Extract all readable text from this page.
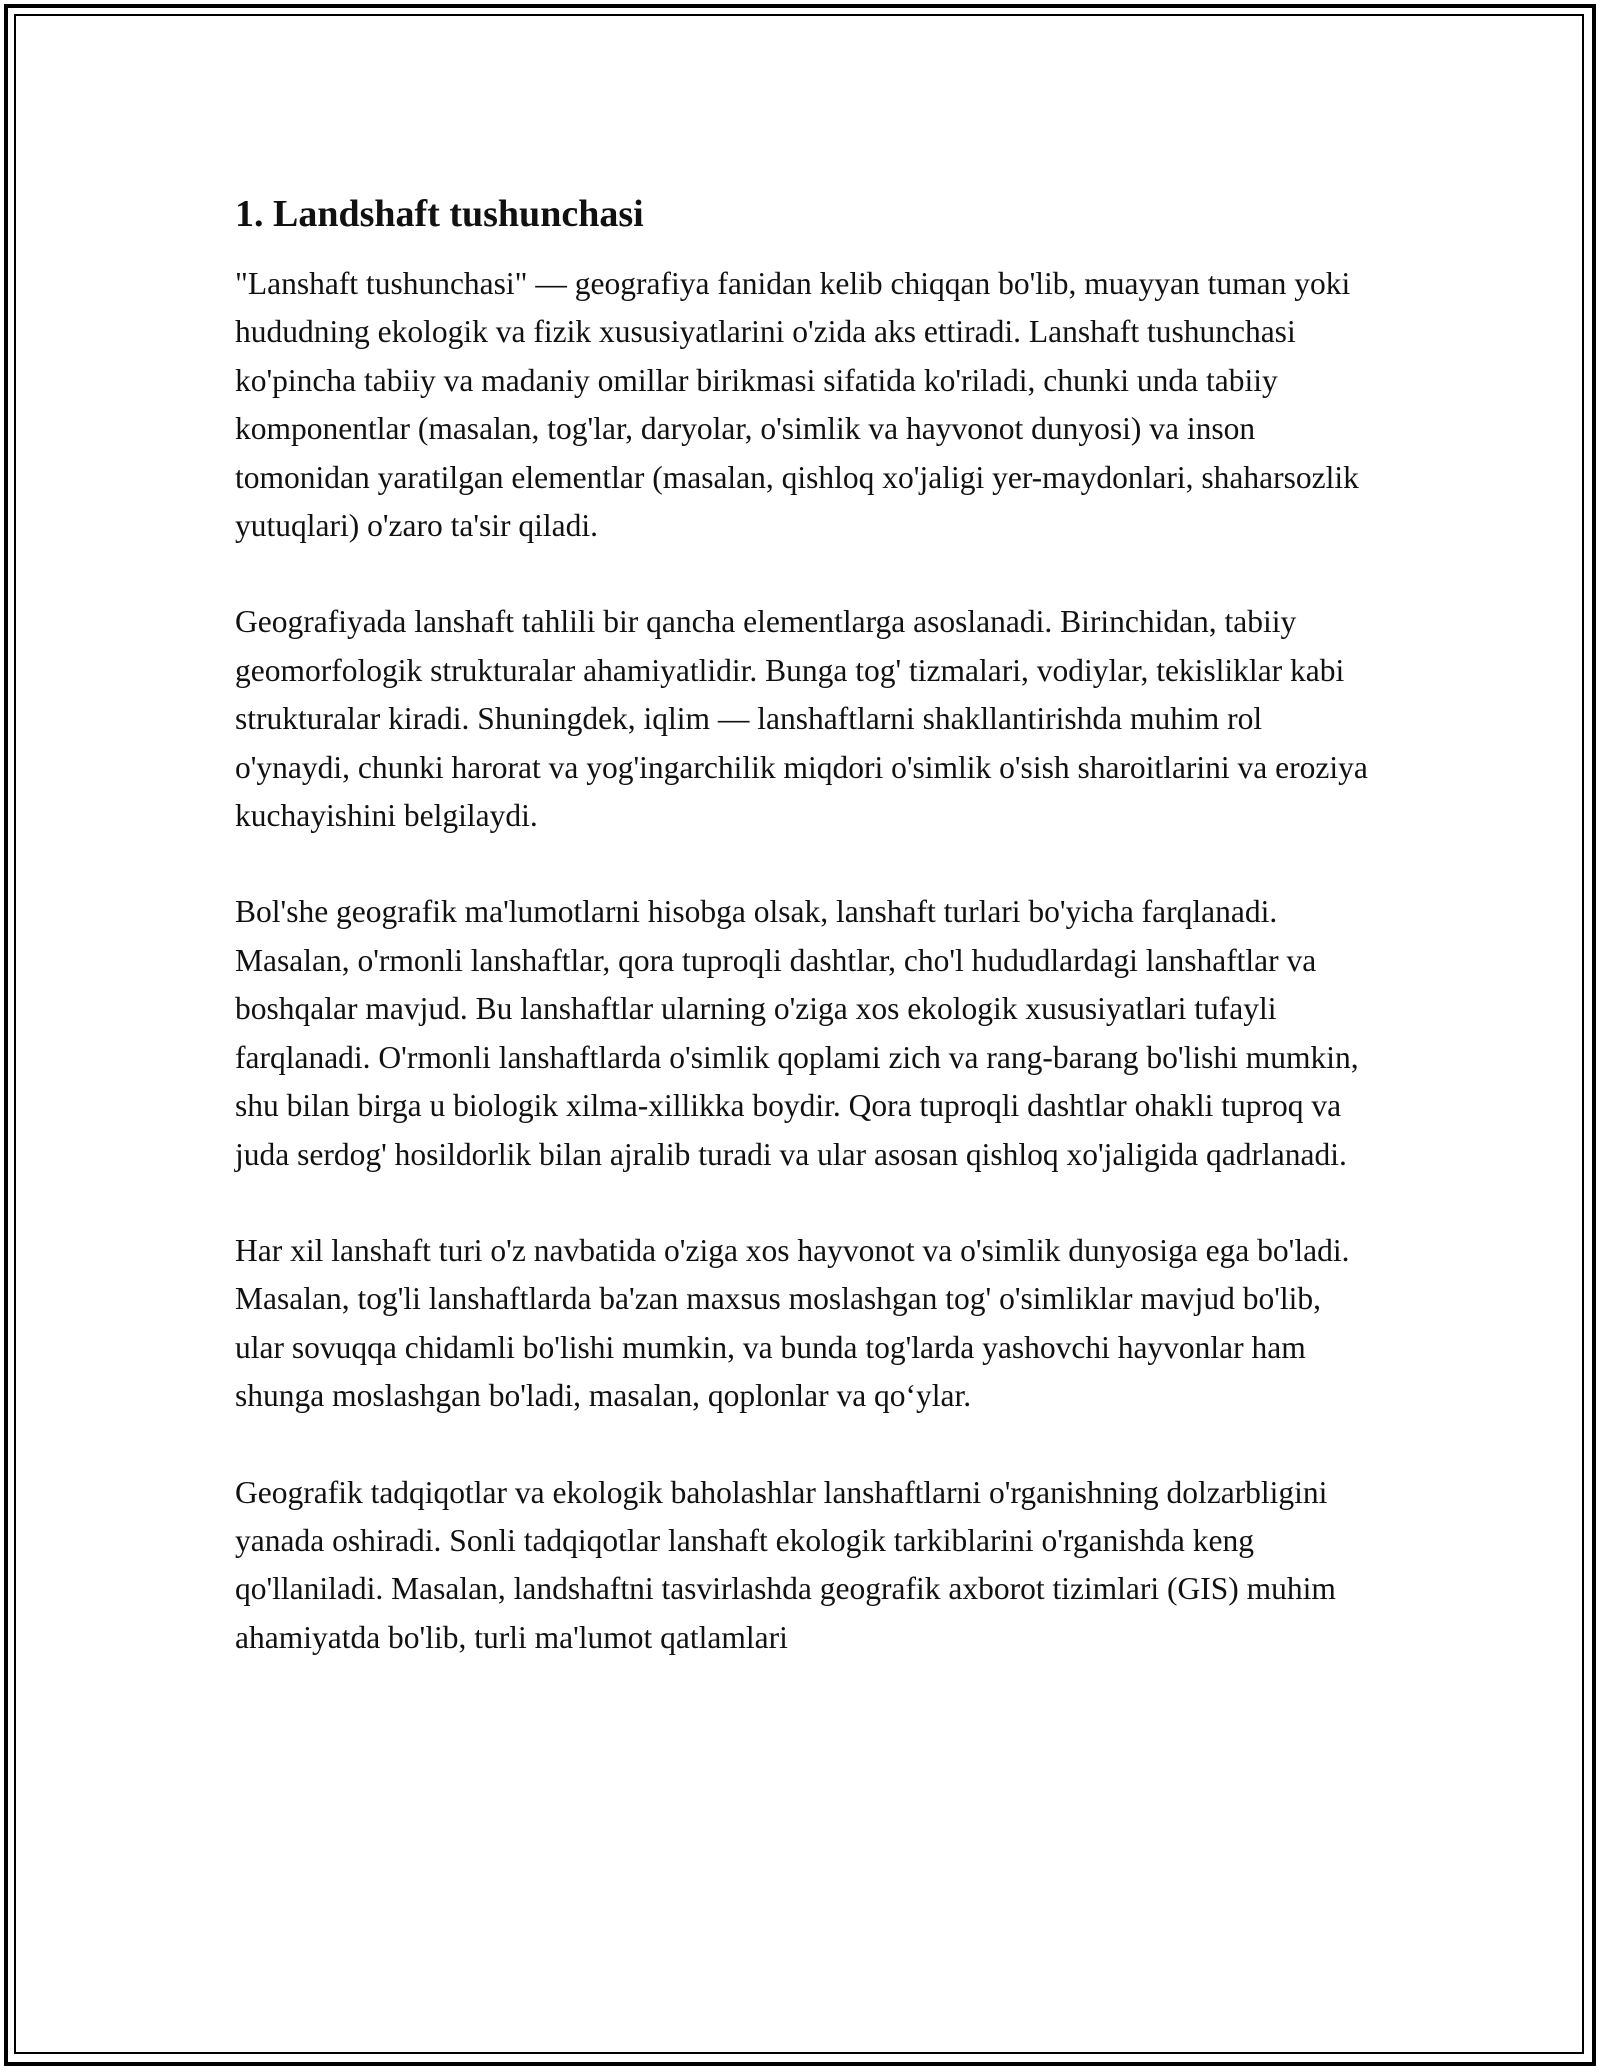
1. Landshaft tushunchasi

"Lanshaft tushunchasi" — geografiya fanidan kelib chiqqan bo'lib, muayyan tuman yoki hududning ekologik va fizik xususiyatlarini o'zida aks ettiradi. Lanshaft tushunchasi ko'pincha tabiiy va madaniy omillar birikmasi sifatida ko'riladi, chunki unda tabiiy komponentlar (masalan, tog'lar, daryolar, o'simlik va hayvonot dunyosi) va inson tomonidan yaratilgan elementlar (masalan, qishloq xo'jaligi yer-maydonlari, shaharsozlik yutuqlari) o'zaro ta'sir qiladi.

Geografiyada lanshaft tahlili bir qancha elementlarga asoslanadi. Birinchidan, tabiiy geomorfologik strukturalar ahamiyatlidir. Bunga tog' tizmalari, vodiylar, tekisliklar kabi strukturalar kiradi. Shuningdek, iqlim — lanshaftlarni shakllantirishda muhim rol o'ynaydi, chunki harorat va yog'ingarchilik miqdori o'simlik o'sish sharoitlarini va eroziya kuchayishini belgilaydi.

Bol'she geografik ma'lumotlarni hisobga olsak, lanshaft turlari bo'yicha farqlanadi. Masalan, o'rmonli lanshaftlar, qora tuproqli dashtlar, cho'l hududlardagi lanshaftlar va boshqalar mavjud. Bu lanshaftlar ularning o'ziga xos ekologik xususiyatlari tufayli farqlanadi. O'rmonli lanshaftlarda o'simlik qoplami zich va rang-barang bo'lishi mumkin, shu bilan birga u biologik xilma-xillikka boydir. Qora tuproqli dashtlar ohakli tuproq va juda serdog' hosildorlik bilan ajralib turadi va ular asosan qishloq xo'jaligida qadrlanadi.

Har xil lanshaft turi o'z navbatida o'ziga xos hayvonot va o'simlik dunyosiga ega bo'ladi. Masalan, tog'li lanshaftlarda ba'zan maxsus moslashgan tog' o'simliklar mavjud bo'lib, ular sovuqqa chidamli bo'lishi mumkin, va bunda tog'larda yashovchi hayvonlar ham shunga moslashgan bo'ladi, masalan, qoplonlar va qo‘ylar.

Geografik tadqiqotlar va ekologik baholashlar lanshaftlarni o'rganishning dolzarbligini yanada oshiradi. Sonli tadqiqotlar lanshaft ekologik tarkiblarini o'rganishda keng qo'llaniladi. Masalan, landshaftni tasvirlashda geografik axborot tizimlari (GIS) muhim ahamiyatda bo'lib, turli ma'lumot qatlamlari
